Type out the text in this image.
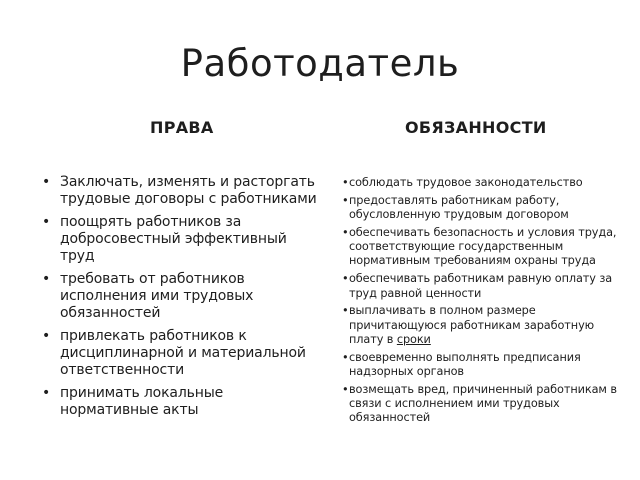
Работодатель
ПРАВА	ОБЯЗАННОСТИ
• Заключать, изменять и расторгать трудовые договоры с работниками
• поощрять работников за добросовестный эффективный труд
• требовать от работников исполнения ими трудовых обязанностей
• привлекать работников к дисциплинарной и материальной ответственности
• принимать локальные нормативные акты
• соблюдать трудовое законодательство
• предоставлять работникам работу, обусловленную трудовым договором
• обеспечивать безопасность и условия труда, соответствующие государственным нормативным требованиям охраны труда
• обеспечивать работникам равную оплату за труд равной ценности
• выплачивать в полном размере причитающуюся работникам заработную плату в сроки
• своевременно выполнять предписания надзорных органов
• возмещать вред, причиненный работникам в связи с исполнением ими трудовых обязанностей
